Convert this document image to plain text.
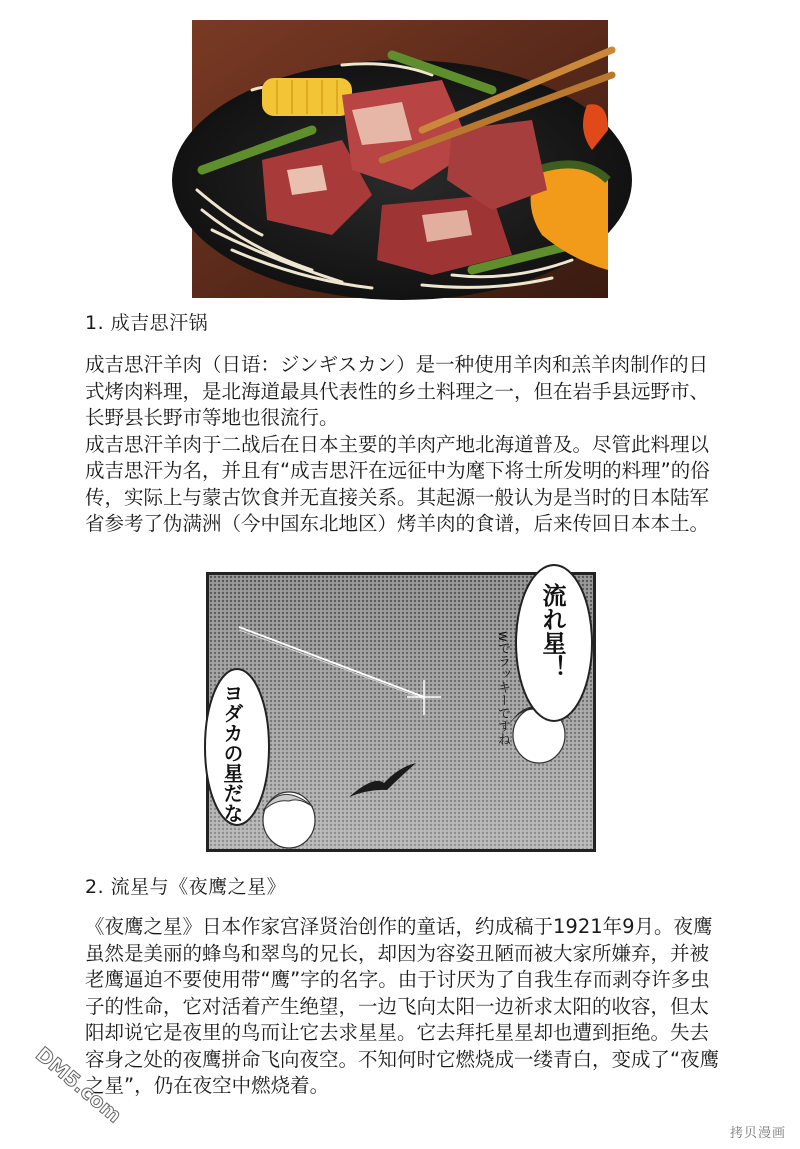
1. 成吉思汗锅

成吉思汗羊肉（日语：ジンギスカン）是一种使用羊肉和羔羊肉制作的日式烤肉料理，是北海道最具代表性的乡土料理之一，但在岩手县远野市、长野县长野市等地也很流行。

成吉思汗羊肉于二战后在日本主要的羊肉产地北海道普及。尽管此料理以成吉思汗为名，并且有“成吉思汗在远征中为麾下将士所发明的料理”的俗传，实际上与蒙古饮食并无直接关系。其起源一般认为是当时的日本陆军省参考了伪满洲（今中国东北地区）烤羊肉的食谱，后来传回日本本土。

流れ星！
wでラッキーですね
ヨダカの星だな
2. 流星与《夜鹰之星》

《夜鹰之星》日本作家宫泽贤治创作的童话，约成稿于1921年9月。夜鹰虽然是美丽的蜂鸟和翠鸟的兄长，却因为容姿丑陋而被大家所嫌弃，并被老鹰逼迫不要使用带“鹰”字的名字。由于讨厌为了自我生存而剥夺许多虫子的性命，它对活着产生绝望，一边飞向太阳一边祈求太阳的收容，但太阳却说它是夜里的鸟而让它去求星星。它去拜托星星却也遭到拒绝。失去容身之处的夜鹰拼命飞向夜空。不知何时它燃烧成一缕青白，变成了“夜鹰之星”，仍在夜空中燃烧着。

DM5.com
拷贝漫画
